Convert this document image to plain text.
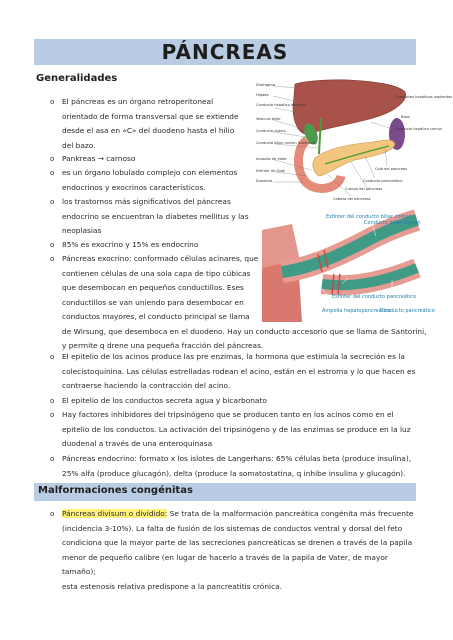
PÁNCREAS
Generalidades
o El páncreas es un órgano retroperitoneal
orientado de forma transversal que se extiende
desde el asa en «C» del duodeno hasta el hilio
del bazo.
o Pankreas → carnoso
o es un órgano lobulado complejo con elementos
endocrinos y exocrinos característicos.
o los trastornos más significativos del páncreas
endocrino se encuentran la diabetes mellitus y las
neoplasias
o 85% es exocrino y 15% es endocrino
o Páncreas exocrino: conformado células acinares, que
contienen células de una sola capa de tipo cúbicas
que desembocan en pequeños conductillos. Eses
conductillos se van uniendo para desembocar en
conductos mayores, el conducto principal se llama
de Wirsung, que desemboca en el duodeno. Hay un conducto accesorio que se llama de Santorini,
y permite q drene una pequeña fracción del páncreas.
o El epitelio de los acinos produce las pre enzimas, la hormona que estimula la secreción es la
colecistoquinina. Las células estrelladas rodean el acino, están en el estroma y lo que hacen es
contraerse haciendo la contracción del acino.
o El epitelio de los conductos secreta agua y bicarbonato
o Hay factores inhibidores del tripsinógeno que se producen tanto en los acinos como en el
epitelio de los conductos. La activación del tripsinógeno y de las enzimas se produce en la luz
duodenal a través de una enteroquinasa
o Páncreas endocrino: formato x los islotes de Langerhans: 65% células beta (produce insulina),
25% alfa (produce glucagón), delta (produce la somatostatina, q inhibe insulina y glucagón).
Diafragma
Hígado
Conducto hepático derecho
Vesícula biliar
Conducto cístico
Conducto biliar común (colédoco)
Ampolla de Vater
Esfínter de Oddi
Duodeno
Conductos hepáticos izquierdos
Bazo
Conducto hepático común
Cola del páncreas
Cuerpo del páncreas
Conducto pancreático
Cabeza del páncreas
Esfínter del conducto biliar común
Conducto biliar común
Esfínter del conducto pancreático
Ampolla hepatopancreática
Conducto pancreático
Malformaciones congénitas
o Páncreas divisum o dividido: Se trata de la malformación pancreática congénita más frecuente
(incidencia 3-10%). La falta de fusión de los sistemas de conductos ventral y dorsal del feto
condiciona que la mayor parte de las secreciones pancreáticas se drenen a través de la papila
menor de pequeño calibre (en lugar de hacerlo a través de la papila de Vater, de mayor tamaño);
esta estenosis relativa predispone a la pancreatitis crónica.
